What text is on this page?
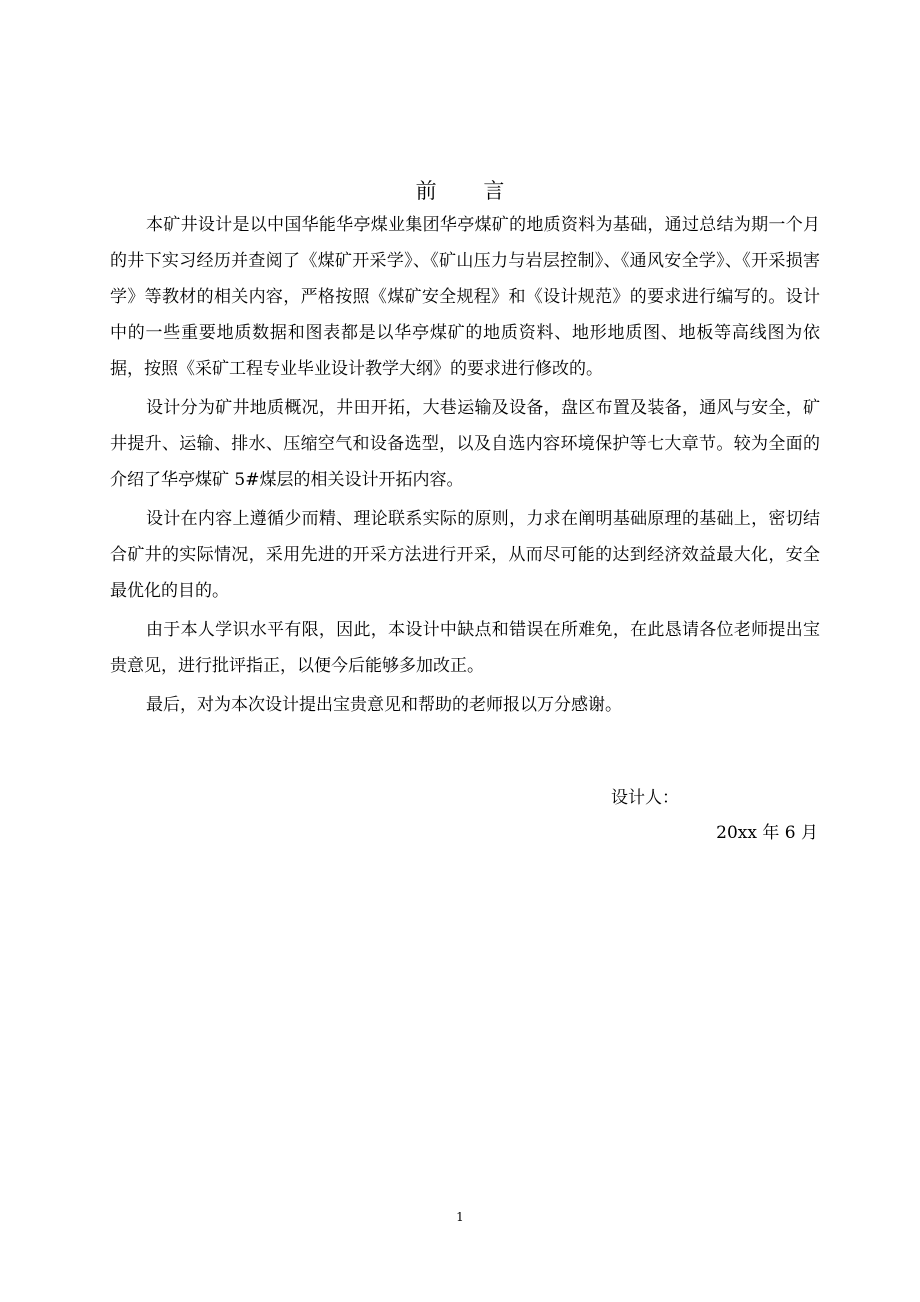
前 言

本矿井设计是以中国华能华亭煤业集团华亭煤矿的地质资料为基础，通过总结为期一个月的井下实习经历并查阅了《煤矿开采学》、《矿山压力与岩层控制》、《通风安全学》、《开采损害学》等教材的相关内容，严格按照《煤矿安全规程》和《设计规范》的要求进行编写的。设计中的一些重要地质数据和图表都是以华亭煤矿的地质资料、地形地质图、地板等高线图为依据，按照《采矿工程专业毕业设计教学大纲》的要求进行修改的。

设计分为矿井地质概况，井田开拓，大巷运输及设备，盘区布置及装备，通风与安全，矿井提升、运输、排水、压缩空气和设备选型，以及自选内容环境保护等七大章节。较为全面的介绍了华亭煤矿 5#煤层的相关设计开拓内容。

设计在内容上遵循少而精、理论联系实际的原则，力求在阐明基础原理的基础上，密切结合矿井的实际情况，采用先进的开采方法进行开采，从而尽可能的达到经济效益最大化，安全最优化的目的。

由于本人学识水平有限，因此，本设计中缺点和错误在所难免，在此恳请各位老师提出宝贵意见，进行批评指正，以便今后能够多加改正。

最后，对为本次设计提出宝贵意见和帮助的老师报以万分感谢。

设计人：
20xx 年 6 月
1
